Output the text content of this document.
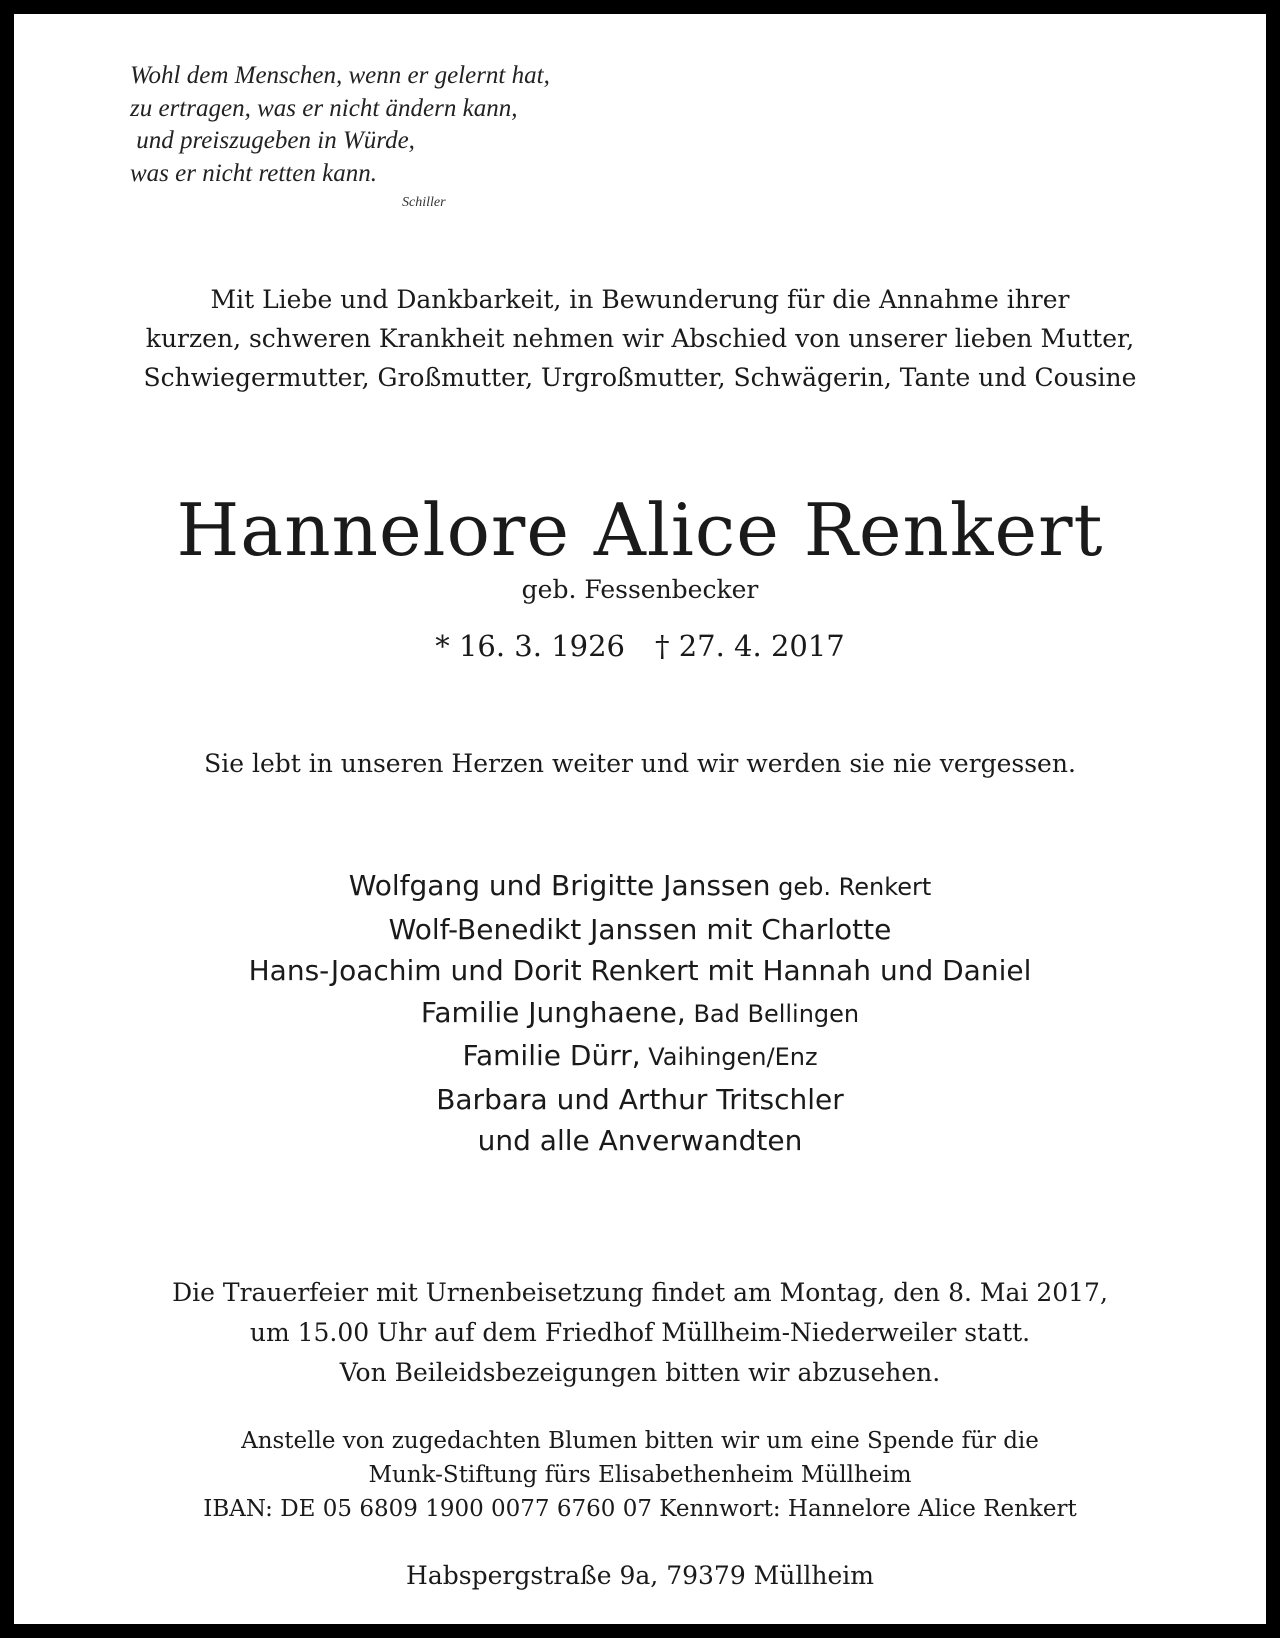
Wohl dem Menschen, wenn er gelernt hat,
zu ertragen, was er nicht ändern kann,
und preiszugeben in Würde,
was er nicht retten kann.
Schiller
Mit Liebe und Dankbarkeit, in Bewunderung für die Annahme ihrer
kurzen, schweren Krankheit nehmen wir Abschied von unserer lieben Mutter,
Schwiegermutter, Großmutter, Urgroßmutter, Schwägerin, Tante und Cousine
Hannelore Alice Renkert
geb. Fessenbecker
* 16. 3. 1926 † 27. 4. 2017
Sie lebt in unseren Herzen weiter und wir werden sie nie vergessen.
Wolfgang und Brigitte Janssen geb. Renkert
Wolf-Benedikt Janssen mit Charlotte
Hans-Joachim und Dorit Renkert mit Hannah und Daniel
Familie Junghaene, Bad Bellingen
Familie Dürr, Vaihingen/Enz
Barbara und Arthur Tritschler
und alle Anverwandten
Die Trauerfeier mit Urnenbeisetzung findet am Montag, den 8. Mai 2017,
um 15.00 Uhr auf dem Friedhof Müllheim-Niederweiler statt.
Von Beileidsbezeigungen bitten wir abzusehen.
Anstelle von zugedachten Blumen bitten wir um eine Spende für die
Munk-Stiftung fürs Elisabethenheim Müllheim
IBAN: DE 05 6809 1900 0077 6760 07 Kennwort: Hannelore Alice Renkert
Habspergstraße 9a, 79379 Müllheim
